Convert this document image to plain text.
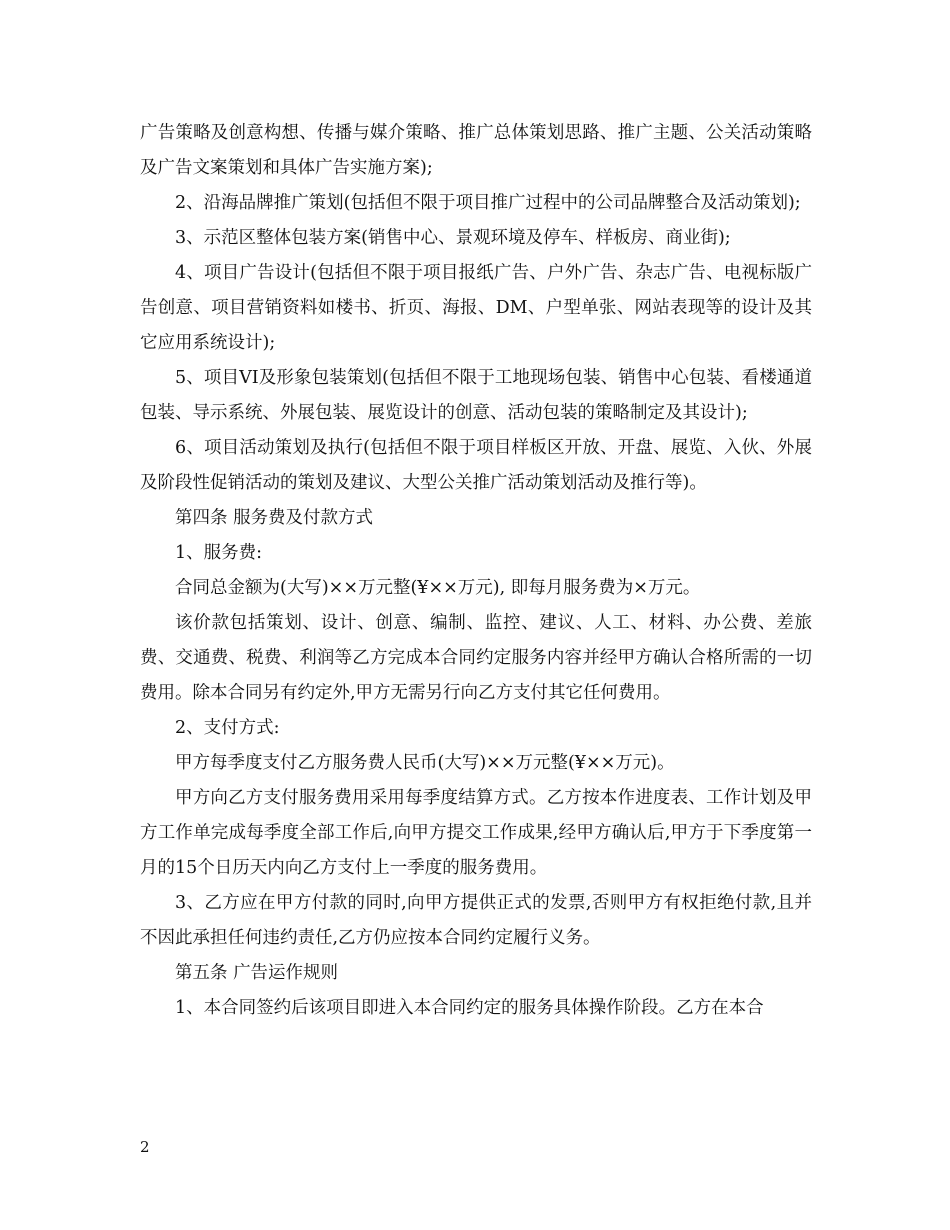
广告策略及创意构想、传播与媒介策略、推广总体策划思路、推广主题、公关活动策略及广告文案策划和具体广告实施方案);

2、沿海品牌推广策划(包括但不限于项目推广过程中的公司品牌整合及活动策划);

3、示范区整体包装方案(销售中心、景观环境及停车、样板房、商业街);

4、项目广告设计(包括但不限于项目报纸广告、户外广告、杂志广告、电视标版广告创意、项目营销资料如楼书、折页、海报、DM、户型单张、网站表现等的设计及其它应用系统设计);

5、项目VI及形象包装策划(包括但不限于工地现场包装、销售中心包装、看楼通道包装、导示系统、外展包装、展览设计的创意、活动包装的策略制定及其设计);

6、项目活动策划及执行(包括但不限于项目样板区开放、开盘、展览、入伙、外展及阶段性促销活动的策划及建议、大型公关推广活动策划活动及推行等)。

第四条 服务费及付款方式

1、服务费:

合同总金额为(大写)××万元整(¥××万元), 即每月服务费为×万元。

该价款包括策划、设计、创意、编制、监控、建议、人工、材料、办公费、差旅费、交通费、税费、利润等乙方完成本合同约定服务内容并经甲方确认合格所需的一切费用。除本合同另有约定外,甲方无需另行向乙方支付其它任何费用。

2、支付方式:

甲方每季度支付乙方服务费人民币(大写)××万元整(¥××万元)。

甲方向乙方支付服务费用采用每季度结算方式。乙方按本作进度表、工作计划及甲方工作单完成每季度全部工作后,向甲方提交工作成果,经甲方确认后,甲方于下季度第一月的15个日历天内向乙方支付上一季度的服务费用。

3、乙方应在甲方付款的同时,向甲方提供正式的发票,否则甲方有权拒绝付款,且并不因此承担任何违约责任,乙方仍应按本合同约定履行义务。

第五条 广告运作规则

1、本合同签约后该项目即进入本合同约定的服务具体操作阶段。乙方在本合

2
